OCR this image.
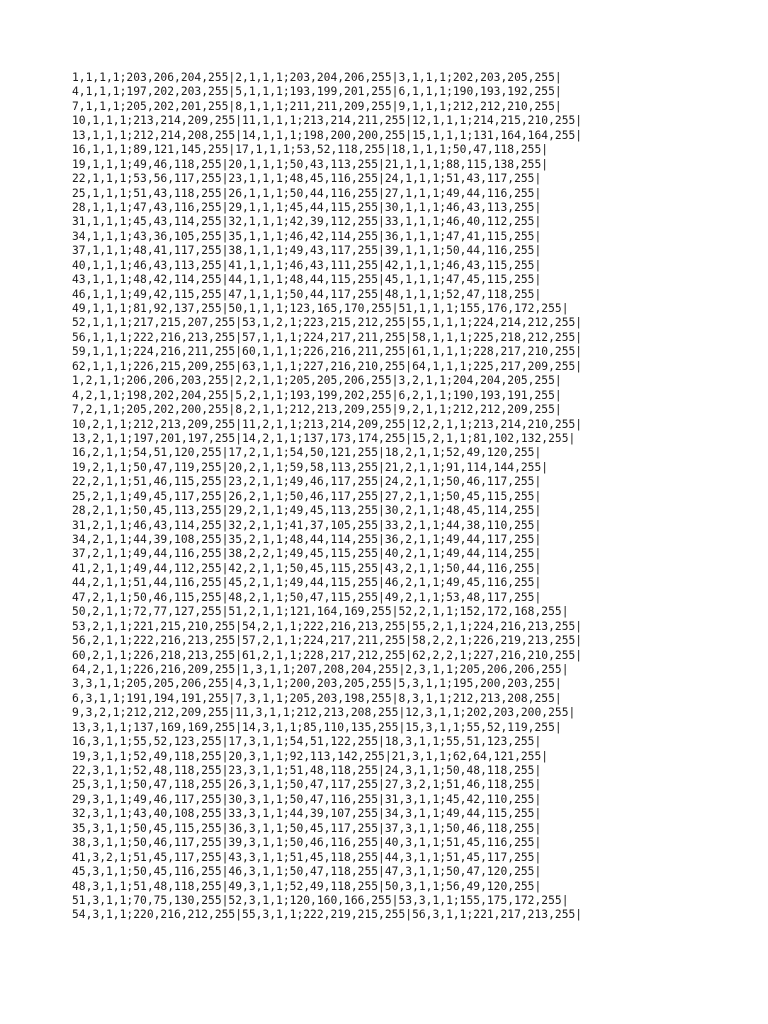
1,1,1,1;203,206,204,255|2,1,1,1;203,204,206,255|3,1,1,1;202,203,205,255|
4,1,1,1;197,202,203,255|5,1,1,1;193,199,201,255|6,1,1,1;190,193,192,255|
7,1,1,1;205,202,201,255|8,1,1,1;211,211,209,255|9,1,1,1;212,212,210,255|
10,1,1,1;213,214,209,255|11,1,1,1;213,214,211,255|12,1,1,1;214,215,210,255|
13,1,1,1;212,214,208,255|14,1,1,1;198,200,200,255|15,1,1,1;131,164,164,255|
16,1,1,1;89,121,145,255|17,1,1,1;53,52,118,255|18,1,1,1;50,47,118,255|
19,1,1,1;49,46,118,255|20,1,1,1;50,43,113,255|21,1,1,1;88,115,138,255|
22,1,1,1;53,56,117,255|23,1,1,1;48,45,116,255|24,1,1,1;51,43,117,255|
25,1,1,1;51,43,118,255|26,1,1,1;50,44,116,255|27,1,1,1;49,44,116,255|
28,1,1,1;47,43,116,255|29,1,1,1;45,44,115,255|30,1,1,1;46,43,113,255|
31,1,1,1;45,43,114,255|32,1,1,1;42,39,112,255|33,1,1,1;46,40,112,255|
34,1,1,1;43,36,105,255|35,1,1,1;46,42,114,255|36,1,1,1;47,41,115,255|
37,1,1,1;48,41,117,255|38,1,1,1;49,43,117,255|39,1,1,1;50,44,116,255|
40,1,1,1;46,43,113,255|41,1,1,1;46,43,111,255|42,1,1,1;46,43,115,255|
43,1,1,1;48,42,114,255|44,1,1,1;48,44,115,255|45,1,1,1;47,45,115,255|
46,1,1,1;49,42,115,255|47,1,1,1;50,44,117,255|48,1,1,1;52,47,118,255|
49,1,1,1;81,92,137,255|50,1,1,1;123,165,170,255|51,1,1,1;155,176,172,255|
52,1,1,1;217,215,207,255|53,1,2,1;223,215,212,255|55,1,1,1;224,214,212,255|
56,1,1,1;222,216,213,255|57,1,1,1;224,217,211,255|58,1,1,1;225,218,212,255|
59,1,1,1;224,216,211,255|60,1,1,1;226,216,211,255|61,1,1,1;228,217,210,255|
62,1,1,1;226,215,209,255|63,1,1,1;227,216,210,255|64,1,1,1;225,217,209,255|
1,2,1,1;206,206,203,255|2,2,1,1;205,205,206,255|3,2,1,1;204,204,205,255|
4,2,1,1;198,202,204,255|5,2,1,1;193,199,202,255|6,2,1,1;190,193,191,255|
7,2,1,1;205,202,200,255|8,2,1,1;212,213,209,255|9,2,1,1;212,212,209,255|
10,2,1,1;212,213,209,255|11,2,1,1;213,214,209,255|12,2,1,1;213,214,210,255|
13,2,1,1;197,201,197,255|14,2,1,1;137,173,174,255|15,2,1,1;81,102,132,255|
16,2,1,1;54,51,120,255|17,2,1,1;54,50,121,255|18,2,1,1;52,49,120,255|
19,2,1,1;50,47,119,255|20,2,1,1;59,58,113,255|21,2,1,1;91,114,144,255|
22,2,1,1;51,46,115,255|23,2,1,1;49,46,117,255|24,2,1,1;50,46,117,255|
25,2,1,1;49,45,117,255|26,2,1,1;50,46,117,255|27,2,1,1;50,45,115,255|
28,2,1,1;50,45,113,255|29,2,1,1;49,45,113,255|30,2,1,1;48,45,114,255|
31,2,1,1;46,43,114,255|32,2,1,1;41,37,105,255|33,2,1,1;44,38,110,255|
34,2,1,1;44,39,108,255|35,2,1,1;48,44,114,255|36,2,1,1;49,44,117,255|
37,2,1,1;49,44,116,255|38,2,2,1;49,45,115,255|40,2,1,1;49,44,114,255|
41,2,1,1;49,44,112,255|42,2,1,1;50,45,115,255|43,2,1,1;50,44,116,255|
44,2,1,1;51,44,116,255|45,2,1,1;49,44,115,255|46,2,1,1;49,45,116,255|
47,2,1,1;50,46,115,255|48,2,1,1;50,47,115,255|49,2,1,1;53,48,117,255|
50,2,1,1;72,77,127,255|51,2,1,1;121,164,169,255|52,2,1,1;152,172,168,255|
53,2,1,1;221,215,210,255|54,2,1,1;222,216,213,255|55,2,1,1;224,216,213,255|
56,2,1,1;222,216,213,255|57,2,1,1;224,217,211,255|58,2,2,1;226,219,213,255|
60,2,1,1;226,218,213,255|61,2,1,1;228,217,212,255|62,2,2,1;227,216,210,255|
64,2,1,1;226,216,209,255|1,3,1,1;207,208,204,255|2,3,1,1;205,206,206,255|
3,3,1,1;205,205,206,255|4,3,1,1;200,203,205,255|5,3,1,1;195,200,203,255|
6,3,1,1;191,194,191,255|7,3,1,1;205,203,198,255|8,3,1,1;212,213,208,255|
9,3,2,1;212,212,209,255|11,3,1,1;212,213,208,255|12,3,1,1;202,203,200,255|
13,3,1,1;137,169,169,255|14,3,1,1;85,110,135,255|15,3,1,1;55,52,119,255|
16,3,1,1;55,52,123,255|17,3,1,1;54,51,122,255|18,3,1,1;55,51,123,255|
19,3,1,1;52,49,118,255|20,3,1,1;92,113,142,255|21,3,1,1;62,64,121,255|
22,3,1,1;52,48,118,255|23,3,1,1;51,48,118,255|24,3,1,1;50,48,118,255|
25,3,1,1;50,47,118,255|26,3,1,1;50,47,117,255|27,3,2,1;51,46,118,255|
29,3,1,1;49,46,117,255|30,3,1,1;50,47,116,255|31,3,1,1;45,42,110,255|
32,3,1,1;43,40,108,255|33,3,1,1;44,39,107,255|34,3,1,1;49,44,115,255|
35,3,1,1;50,45,115,255|36,3,1,1;50,45,117,255|37,3,1,1;50,46,118,255|
38,3,1,1;50,46,117,255|39,3,1,1;50,46,116,255|40,3,1,1;51,45,116,255|
41,3,2,1;51,45,117,255|43,3,1,1;51,45,118,255|44,3,1,1;51,45,117,255|
45,3,1,1;50,45,116,255|46,3,1,1;50,47,118,255|47,3,1,1;50,47,120,255|
48,3,1,1;51,48,118,255|49,3,1,1;52,49,118,255|50,3,1,1;56,49,120,255|
51,3,1,1;70,75,130,255|52,3,1,1;120,160,166,255|53,3,1,1;155,175,172,255|
54,3,1,1;220,216,212,255|55,3,1,1;222,219,215,255|56,3,1,1;221,217,213,255|
